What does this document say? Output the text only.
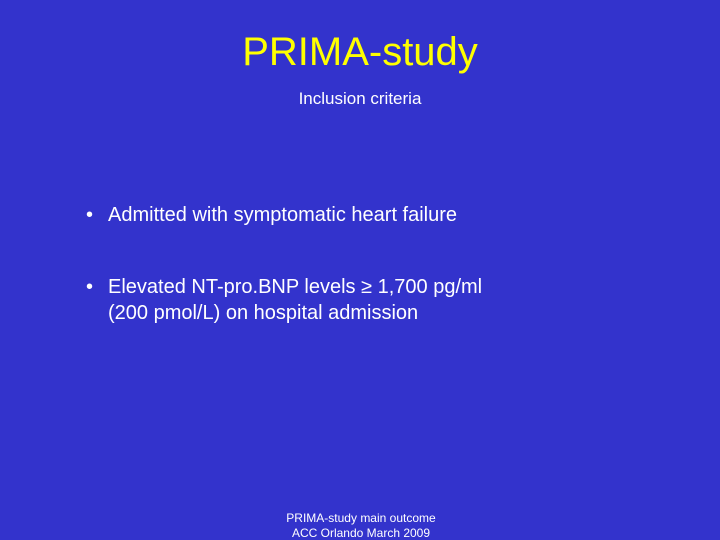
PRIMA-study
Inclusion criteria
• Admitted with symptomatic heart failure
• Elevated NT-pro.BNP levels ≥ 1,700 pg/ml
(200 pmol/L) on hospital admission
PRIMA-study main outcome
ACC Orlando March 2009
